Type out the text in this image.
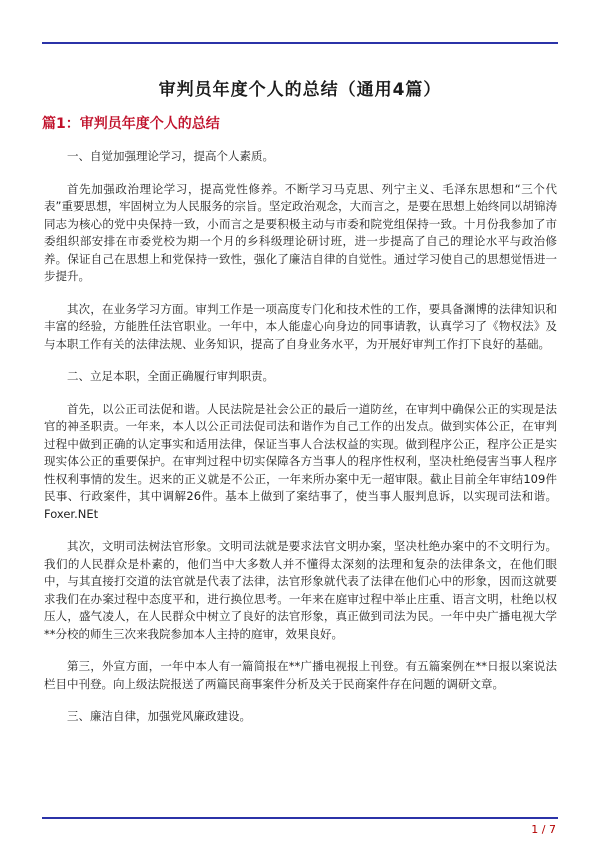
审判员年度个人的总结（通用4篇）
篇1：审判员年度个人的总结

一、自觉加强理论学习，提高个人素质。

首先加强政治理论学习，提高党性修养。不断学习马克思、列宁主义、毛泽东思想和“三个代表”重要思想，牢固树立为人民服务的宗旨。坚定政治观念，大而言之，是要在思想上始终同以胡锦涛同志为核心的党中央保持一致，小而言之是要积极主动与市委和院党组保持一致。十月份我参加了市委组织部安排在市委党校为期一个月的乡科级理论研讨班，进一步提高了自己的理论水平与政治修养。保证自己在思想上和党保持一致性，强化了廉洁自律的自觉性。通过学习使自己的思想觉悟进一步提升。

其次，在业务学习方面。审判工作是一项高度专门化和技术性的工作，要具备渊博的法律知识和丰富的经验，方能胜任法官职业。一年中，本人能虚心向身边的同事请教，认真学习了《物权法》及与本职工作有关的法律法规、业务知识，提高了自身业务水平，为开展好审判工作打下良好的基础。

二、立足本职，全面正确履行审判职责。

首先，以公正司法促和谐。人民法院是社会公正的最后一道防丝，在审判中确保公正的实现是法官的神圣职责。一年来，本人以公正司法促司法和谐作为自己工作的出发点。做到实体公正，在审判过程中做到正确的认定事实和适用法律，保证当事人合法权益的实现。做到程序公正，程序公正是实现实体公正的重要保护。在审判过程中切实保障各方当事人的程序性权利，坚决杜绝侵害当事人程序性权利事情的发生。迟来的正义就是不公正，一年来所办案中无一超审限。截止目前全年审结109件民事、行政案件，其中调解26件。基本上做到了案结事了，使当事人服判息诉，以实现司法和谐。Foxer.NEt

其次，文明司法树法官形象。文明司法就是要求法官文明办案，坚决杜绝办案中的不文明行为。我们的人民群众是朴素的，他们当中大多数人并不懂得太深刻的法理和复杂的法律条文，在他们眼中，与其直接打交道的法官就是代表了法律，法官形象就代表了法律在他们心中的形象，因而这就要求我们在办案过程中态度平和，进行换位思考。一年来在庭审过程中举止庄重、语言文明，杜绝以权压人，盛气凌人，在人民群众中树立了良好的法官形象，真正做到司法为民。一年中央广播电视大学**分校的师生三次来我院参加本人主持的庭审，效果良好。

第三，外宣方面，一年中本人有一篇简报在**广播电视报上刊登。有五篇案例在**日报以案说法栏目中刊登。向上级法院报送了两篇民商事案件分析及关于民商案件存在问题的调研文章。

三、廉洁自律，加强党风廉政建设。

1 / 7
